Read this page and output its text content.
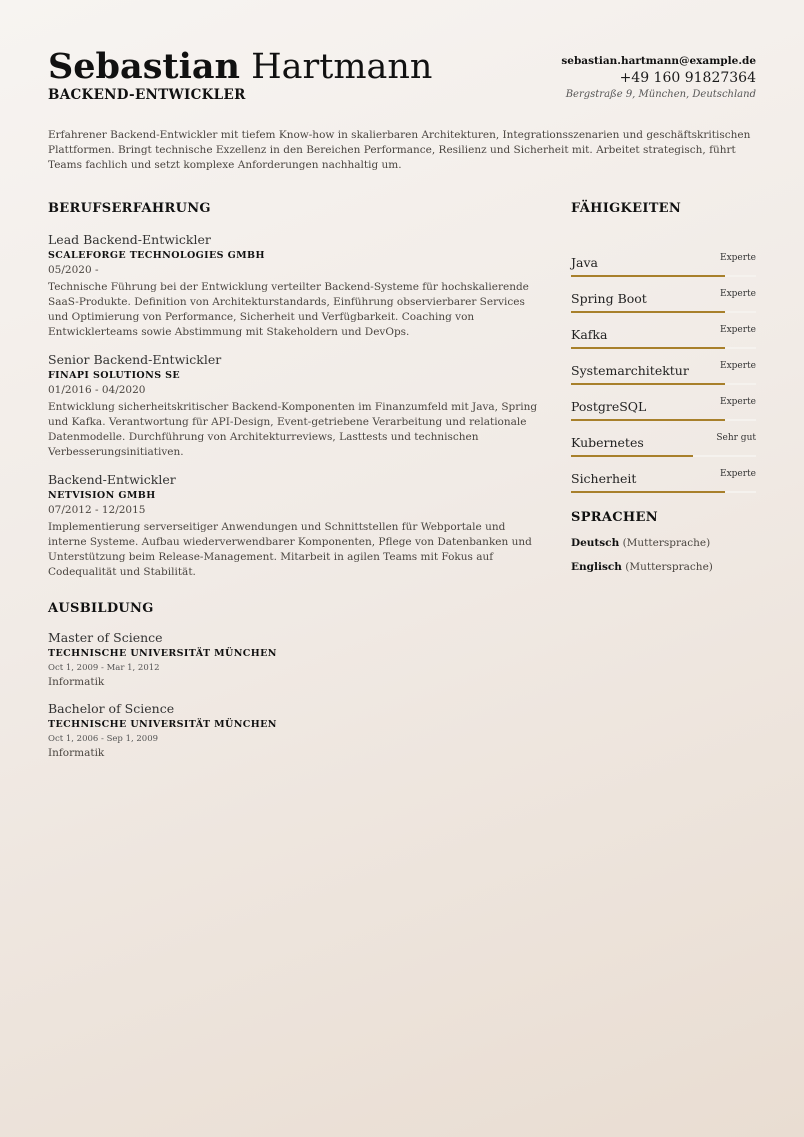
Sebastian Hartmann
BACKEND-ENTWICKLER
sebastian.hartmann@example.de
+49 160 91827364
Bergstraße 9, München, Deutschland
Erfahrener Backend-Entwickler mit tiefem Know-how in skalierbaren Architekturen, Integrationsszenarien und geschäftskritischen Plattformen. Bringt technische Exzellenz in den Bereichen Performance, Resilienz und Sicherheit mit. Arbeitet strategisch, führt Teams fachlich und setzt komplexe Anforderungen nachhaltig um.
BERUFSERFAHRUNG
Lead Backend-Entwickler
SCALEFORGE TECHNOLOGIES GMBH
05/2020 -
Technische Führung bei der Entwicklung verteilter Backend-Systeme für hochskalierende SaaS-Produkte. Definition von Architekturstandards, Einführung observierbarer Services und Optimierung von Performance, Sicherheit und Verfügbarkeit. Coaching von Entwicklerteams sowie Abstimmung mit Stakeholdern und DevOps.
Senior Backend-Entwickler
FINAPI SOLUTIONS SE
01/2016 - 04/2020
Entwicklung sicherheitskritischer Backend-Komponenten im Finanzumfeld mit Java, Spring und Kafka. Verantwortung für API-Design, Event-getriebene Verarbeitung und relationale Datenmodelle. Durchführung von Architekturreviews, Lasttests und technischen Verbesserungsinitiativen.
Backend-Entwickler
NETVISION GMBH
07/2012 - 12/2015
Implementierung serverseitiger Anwendungen und Schnittstellen für Webportale und interne Systeme. Aufbau wiederverwendbarer Komponenten, Pflege von Datenbanken und Unterstützung beim Release-Management. Mitarbeit in agilen Teams mit Fokus auf Codequalität und Stabilität.
AUSBILDUNG
Master of Science
TECHNISCHE UNIVERSITÄT MÜNCHEN
Oct 1, 2009 - Mar 1, 2012
Informatik
Bachelor of Science
TECHNISCHE UNIVERSITÄT MÜNCHEN
Oct 1, 2006 - Sep 1, 2009
Informatik
FÄHIGKEITEN
Java	Experte
Spring Boot	Experte
Kafka	Experte
Systemarchitektur	Experte
PostgreSQL	Experte
Kubernetes	Sehr gut
Sicherheit	Experte
SPRACHEN
Deutsch (Muttersprache)
Englisch (Muttersprache)
